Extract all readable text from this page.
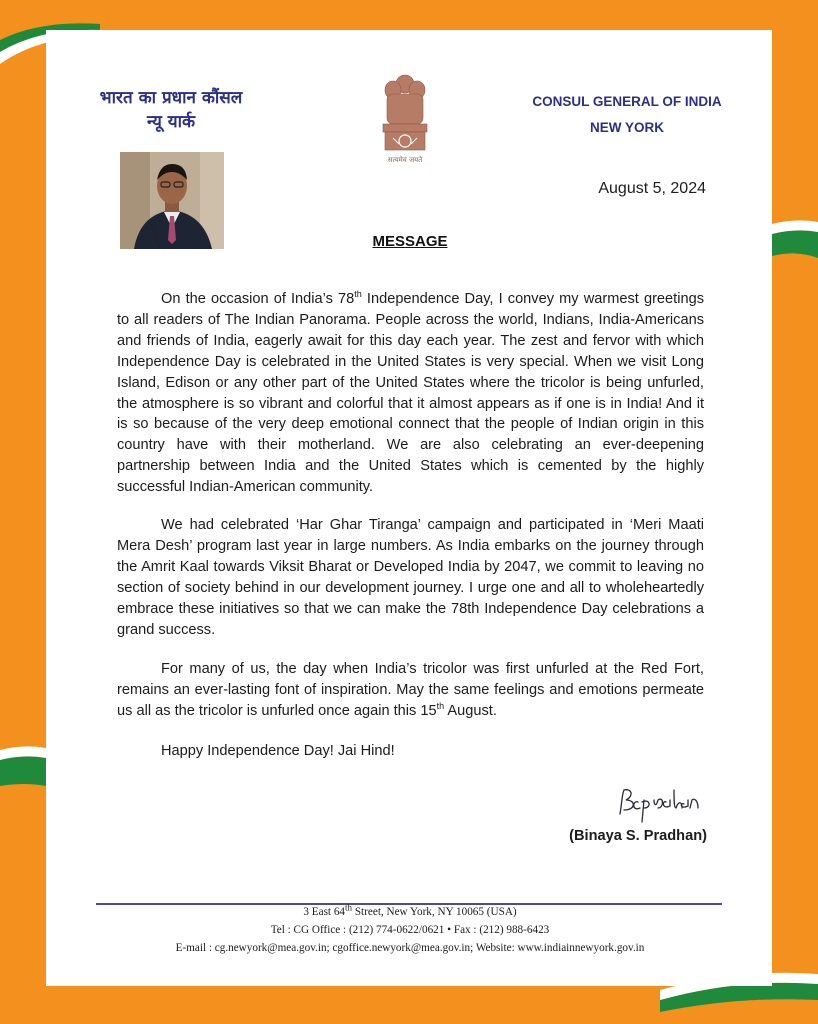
भारत का प्रधान कौंसल
न्यू यार्क
CONSUL GENERAL OF INDIA
NEW YORK
सत्यमेव जयते
August 5, 2024
MESSAGE

On the occasion of India’s 78th Independence Day, I convey my warmest greetings to all readers of The Indian Panorama. People across the world, Indians, India-Americans and friends of India, eagerly await for this day each year. The zest and fervor with which Independence Day is celebrated in the United States is very special. When we visit Long Island, Edison or any other part of the United States where the tricolor is being unfurled, the atmosphere is so vibrant and colorful that it almost appears as if one is in India! And it is so because of the very deep emotional connect that the people of Indian origin in this country have with their motherland. We are also celebrating an ever-deepening partnership between India and the United States which is cemented by the highly successful Indian-American community.

We had celebrated ‘Har Ghar Tiranga’ campaign and participated in ‘Meri Maati Mera Desh’ program last year in large numbers. As India embarks on the journey through the Amrit Kaal towards Viksit Bharat or Developed India by 2047, we commit to leaving no section of society behind in our development journey. I urge one and all to wholeheartedly embrace these initiatives so that we can make the 78th Independence Day celebrations a grand success.

For many of us, the day when India’s tricolor was first unfurled at the Red Fort, remains an ever-lasting font of inspiration. May the same feelings and emotions permeate us all as the tricolor is unfurled once again this 15th August.

Happy Independence Day! Jai Hind!
(Binaya S. Pradhan)
3 East 64th Street, New York, NY 10065 (USA)
Tel : CG Office : (212) 774-0622/0621 • Fax : (212) 988-6423
E-mail : cg.newyork@mea.gov.in; cgoffice.newyork@mea.gov.in; Website: www.indiainnewyork.gov.in
